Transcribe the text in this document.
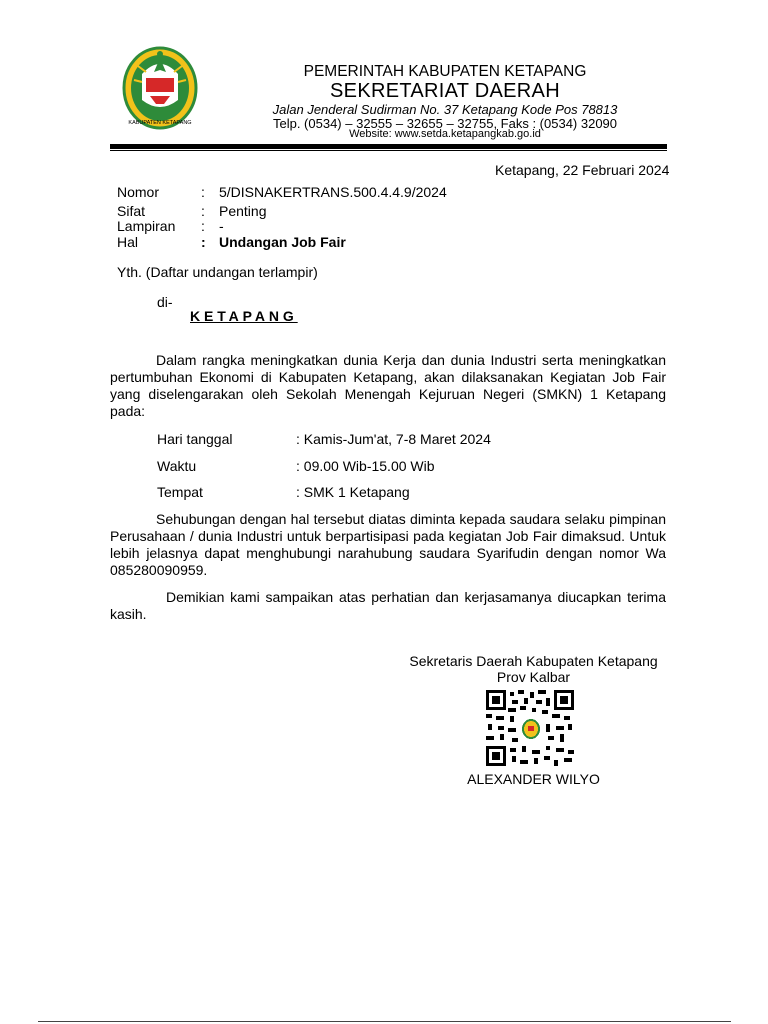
KABUPATEN KETAPANG
PEMERINTAH KABUPATEN KETAPANG
SEKRETARIAT DAERAH
Jalan Jenderal Sudirman No. 37 Ketapang Kode Pos 78813
Telp. (0534) – 32555 – 32655 – 32755, Faks : (0534) 32090
Website: www.setda.ketapangkab.go.id
Ketapang, 22 Februari 2024
Nomor	: 5/DISNAKERTRANS.500.4.4.9/2024
Sifat	: Penting
Lampiran : -
Hal	: Undangan Job Fair
Yth. (Daftar undangan terlampir)
di-
KETAPANG

Dalam rangka meningkatkan dunia Kerja dan dunia Industri serta meningkatkan pertumbuhan Ekonomi di Kabupaten Ketapang, akan dilaksanakan Kegiatan Job Fair yang diselengarakan oleh Sekolah Menengah Kejuruan Negeri (SMKN) 1 Ketapang pada:

Hari tanggal	: Kamis-Jum'at, 7-8 Maret 2024
Waktu	: 09.00 Wib-15.00 Wib
Tempat	: SMK 1 Ketapang

Sehubungan dengan hal tersebut diatas diminta kepada saudara selaku pimpinan Perusahaan / dunia Industri untuk berpartisipasi pada kegiatan Job Fair dimaksud. Untuk lebih jelasnya dapat menghubungi narahubung saudara Syarifudin dengan nomor Wa 085280090959.

Demikian kami sampaikan atas perhatian dan kerjasamanya diucapkan terima kasih.

Sekretaris Daerah Kabupaten Ketapang
Prov Kalbar
ALEXANDER WILYO
